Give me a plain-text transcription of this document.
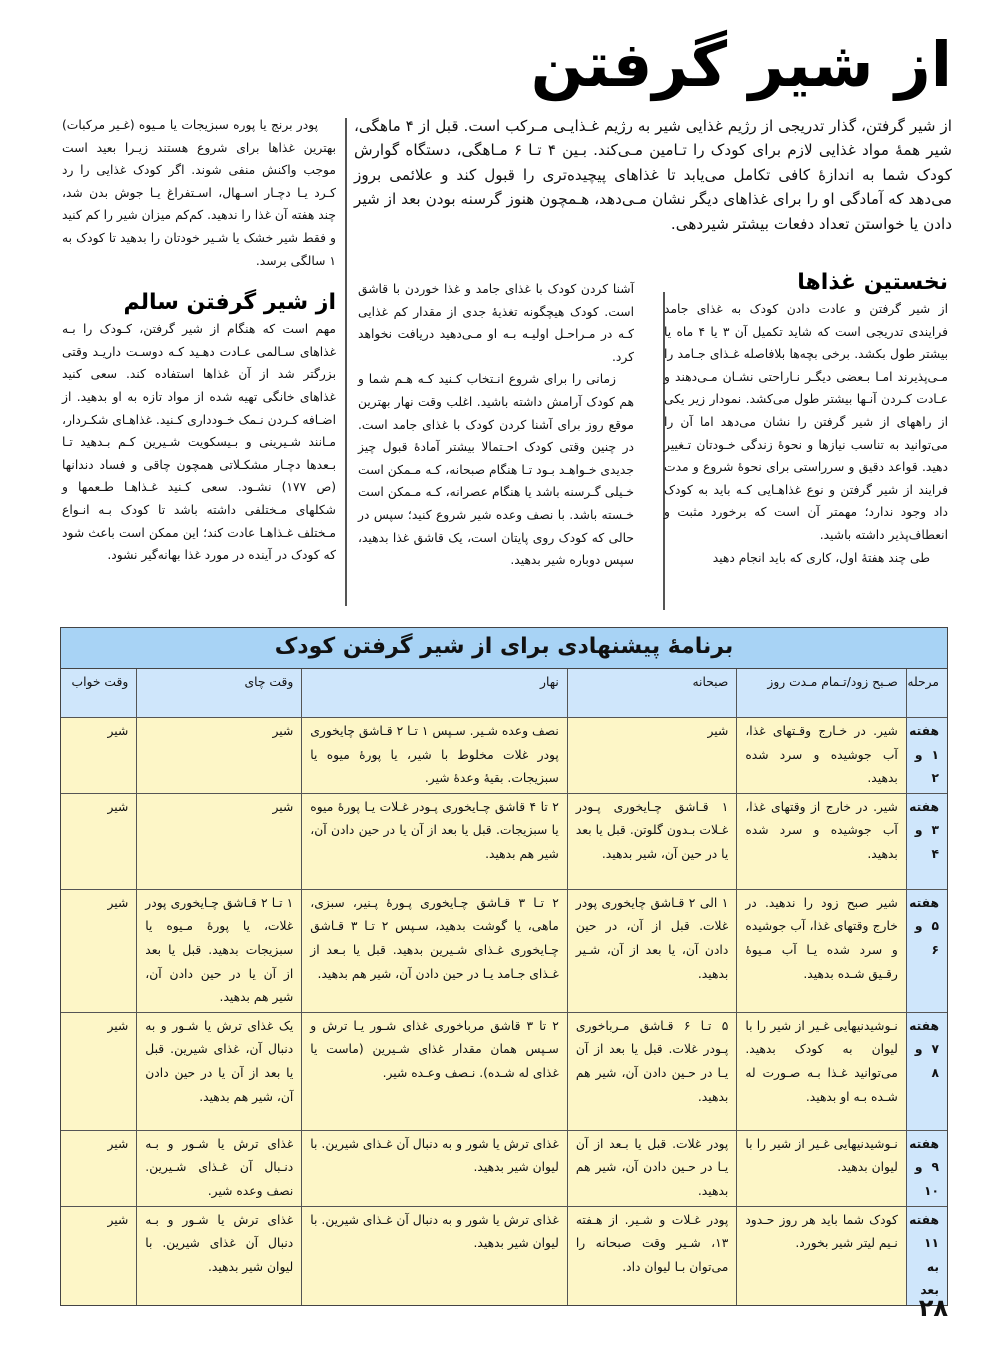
از شیر گرفتن

از شیر گرفتن، گذار تدریجی از رژیم غذایی شیر به رژیم غـذایـی مـرکب است. قبل از ۴ ماهگی، شیر همهٔ مواد غذایی لازم برای کودک را تـامین مـی‌کند. بـین ۴ تـا ۶ مـاهگی، دستگاه گوارش کودک شما به اندازهٔ کافی تکامل می‌یابد تا غذاهای پیچیده‌تری را قبول کند و علائمی بروز می‌دهد که آمادگی او را برای غذاهای دیگر نشان مـی‌دهد، هـمچون هنوز گرسنه بودن بعد از شیر دادن یا خواستن تعداد دفعات بیشتر شیردهی.

پودر برنج یا پوره سبزیجات یا مـیوه (غـیر مرکبات) بهترین غذاها برای شروع هستند زیـرا بعید است موجب واکنش منفی شوند. اگر کودک غذایی را رد کـرد یـا دچـار اسـهال، اسـتفراغ یـا جوش بدن شد، چند هفته آن غذا را ندهید. کم‌کم میزان شیر را کم کنید و فقط شیر خشک یا شـیر خودتان را بدهید تا کودک به ۱ سالگی برسد.

از شیر گرفتن سالم

مهم است که هنگام از شیر گرفتن، کـودک را بـه غذاهای سـالمی عـادت دهـید کـه دوسـت داریـد وقتی بزرگتر شد از آن غذاها استفاده کند. سعی کنید غذاهای خانگی تهیه شده از مواد تازه به او بدهید. از اضـافه کـردن نـمک خـودداری کـنید. غذاهـای شکـردار، مـانند شـیرینی و بـیسکویت شـیرین کـم بـدهید تـا بـعدها دچـار مشکـلاتی همچون چاقی و فساد دندانها (ص ۱۷۷) نشـود. سعی کـنید غـذاهـا طـعمها و شکلهای مـختلفی داشته باشد تا کودک بـه انـواع مـختلف غـذاهـا عادت کند؛ این ممکن است باعث شود که کودک در آینده در مورد غذا بهانه‌گیر نشود.

نخستین غذاها

از شیر گرفتن و عادت دادن کودک به غذای جامد فرایندی تدریجی است که شاید تکمیل آن ۳ یا ۴ ماه یا بیشتر طول بکشد. برخی بچه‌ها بلافاصله غـذای جـامد را مـی‌پذیرند امـا بـعضی دیگـر نـاراحتی نشـان مـی‌دهند و عـادت کـردن آنـها بیشتر طول می‌کشد. نمودار زیر یکی از راههای از شیر گرفتن را نشان می‌دهد اما آن را می‌توانید به تناسب نیازها و نحوهٔ زندگی خـودتان تـغییر دهید. قواعد دقیق و سرراستی برای نحوهٔ شروع و مدت فرایند از شیر گرفتن و نوع غذاهـایی کـه باید به کودک داد وجود ندارد؛ مهمتر آن است که برخورد مثبت و انعطاف‌پذیر داشته باشید.

طی چند هفتهٔ اول، کاری که باید انجام دهید

آشنا کردن کودک با غذای جامد و غذا خوردن با قاشق است. کودک هیچگونه تغذیهٔ جدی از مقدار کم غذایی کـه در مـراحـل اولیـه بـه او مـی‌دهید دریافت نخواهد کرد.

زمانی را برای شروع انـتخاب کـنید کـه هـم شما و هم کودک آرامش داشته باشید. اغلب وقت نهار بهترین موقع روز برای آشنا کردن کودک با غذای جامد است. در چنین وقتی کودک احـتمالا بیشتر آمادهٔ قبول چیز جدیدی خـواهـد بـود تـا هنگام صبحانه، کـه مـمکن است خـیلی گـرسنه باشد یا هنگام عصرانه، کـه مـمکن است خـسته باشد. با نصف وعده شیر شروع کنید؛ سپس در حالی که کودک روی پایتان است، یک قاشق غذا بدهید، سپس دوباره شیر بدهید.

برنامهٔ پیشنهادی برای از شیر گرفتن کودک
مرحله	صـبح زود/تـمام مـدت روز	صبحانه	نهار	وقت چای	وقت خواب
هفته ۱ و ۲	شیر. در خـارج وقـتهای غذا، آب جوشیده و سرد شده بدهید.	شیر	نصف وعده شـیر. سـپس ۱ تـا ۲ قـاشق چایخوری پودر غلات مخلوط با شیر، یا پورهٔ میوه یا سبزیجات. بقیهٔ وعدهٔ شیر.	شیر	شیر
هفته ۳ و ۴	شیر. در خارج از وقتهای غذا، آب جوشیده و سرد شده بدهید.	۱ قـاشق چـایخوری پـودر غـلات بـدون گلوتن. قبل یا بعد یا در حین آن، شیر بدهید.	۲ تا ۴ قاشق چـایخوری پـودر غـلات یـا پورهٔ میوه یا سبزیجات. قبل یا بعد از آن یا در حین دادن آن، شیر هم بدهید.	شیر	شیر
هفته ۵ و ۶	شیر صبح زود را ندهید. در خارج وقتهای غذا، آب جوشیده و سرد شده یـا آب مـیوهٔ رقـیق شـده بدهید.	۱ الی ۲ قـاشق چایخوری پودر غلات. قبل از آن، در حین دادن آن، یا بعد از آن، شـیر بدهید.	۲ تـا ۳ قـاشق چـایخوری پـورهٔ پـنیر، سبزی، ماهی، یا گوشت بدهید، سـپس ۲ تـا ۳ قـاشق چـایخوری غـذای شـیرین بدهید. قبل یا بـعد از غـذای جـامد یـا در حین دادن آن، شیر هم بدهید.	۱ تـا ۲ قـاشق چـایخوری پودر غلات، یا پورهٔ مـیوه یا سبزیجات بدهید. قبل یا بعد از آن یا در حین دادن آن، شیر هم بدهید.	شیر
هفته ۷ و ۸	نـوشیدنیهایی غـیر از شیر را با لیوان به کودک بدهید. می‌توانید غـذا بـه صـورت له شـده بـه او بدهید.	۵ تـا ۶ قـاشق مـرباخوری پـودر غلات. قبل یا بعد از آن یـا در حـین دادن آن، شیر هم بدهید.	۲ تا ۳ قاشق مرباخوری غذای شـور یـا ترش و سـپس همان مقدار غذای شـیرین (ماست یا غذای له شـده). نـصف وعـده شیر.	یک غذای ترش یا شـور و به دنبال آن، غذای شیرین. قبل یا بعد از آن یا در حین دادن آن، شیر هم بدهید.	شیر
هفته ۹ و ۱۰	نـوشیدنیهایی غـیر از شیر را با لیوان بدهید.	پودر غلات. قبل یا بـعد از آن یـا در حـین دادن آن، شیر هم بدهید.	غذای ترش یا شور و به دنبال آن غـذای شیرین. با لیوان شیر بدهید.	غذای ترش یا شـور و بـه دنـبال آن غـذای شـیرین. نصف وعده شیر.	شیر
هفته ۱۱ به بعد	کودک شما باید هر روز حـدود نـیم لیتر شیر بخورد.	پودر غـلات و شـیر. از هـفته ۱۳، شـیر وقت صبحانه را می‌توان بـا لیوان داد.	غذای ترش یا شور و به دنبال آن غـذای شیرین. با لیوان شیر بدهید.	غذای ترش یا شـور و بـه دنبال آن غذای شیرین. با لیوان شیر بدهید.	شیر
۲۸
